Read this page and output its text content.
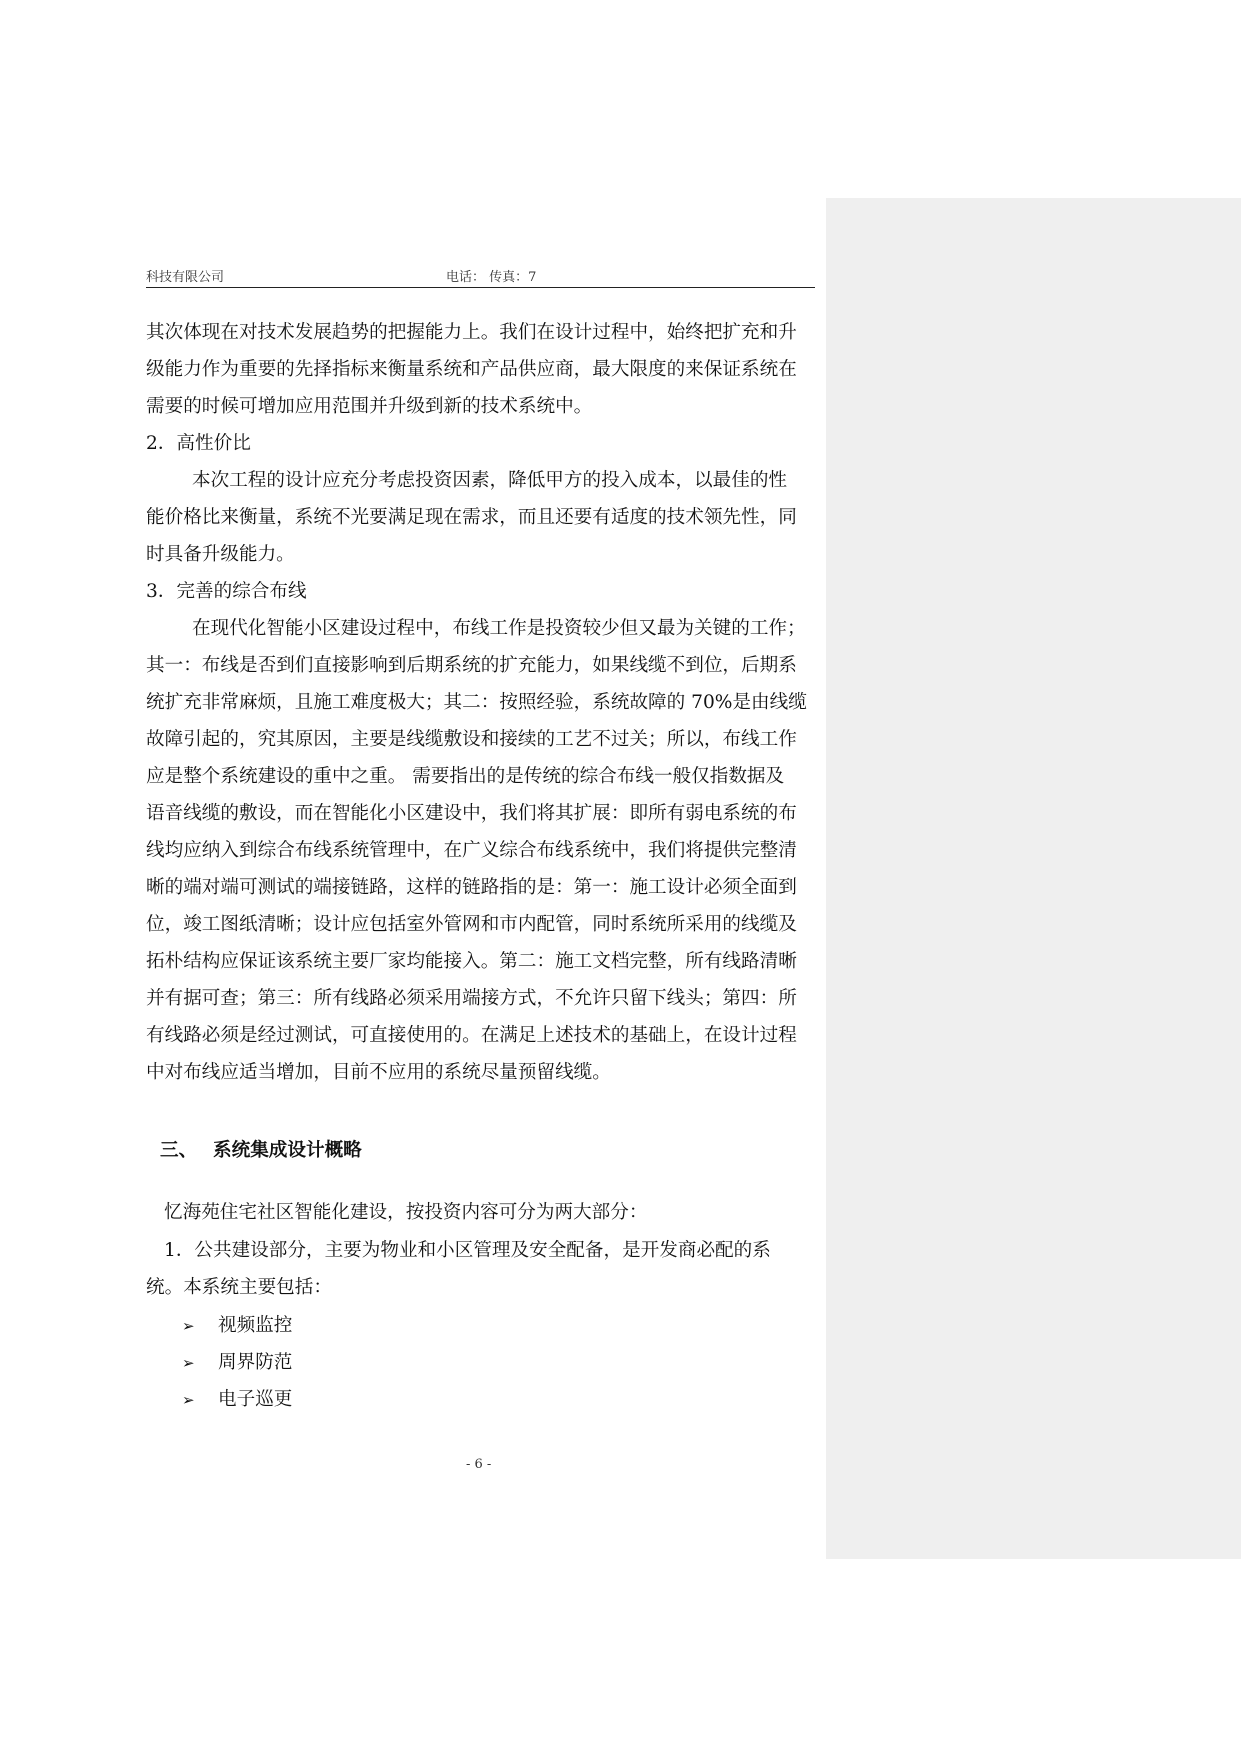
科技有限公司	电话： 传真：7
其次体现在对技术发展趋势的把握能力上。我们在设计过程中，始终把扩充和升
级能力作为重要的先择指标来衡量系统和产品供应商，最大限度的来保证系统在
需要的时候可增加应用范围并升级到新的技术系统中。
2．高性价比
本次工程的设计应充分考虑投资因素，降低甲方的投入成本，以最佳的性
能价格比来衡量，系统不光要满足现在需求，而且还要有适度的技术领先性，同
时具备升级能力。
3．完善的综合布线
在现代化智能小区建设过程中，布线工作是投资较少但又最为关键的工作；
其一：布线是否到们直接影响到后期系统的扩充能力，如果线缆不到位，后期系
统扩充非常麻烦，且施工难度极大；其二：按照经验，系统故障的 70%是由线缆
故障引起的，究其原因，主要是线缆敷设和接续的工艺不过关；所以，布线工作
应是整个系统建设的重中之重。 需要指出的是传统的综合布线一般仅指数据及
语音线缆的敷设，而在智能化小区建设中，我们将其扩展：即所有弱电系统的布
线均应纳入到综合布线系统管理中，在广义综合布线系统中，我们将提供完整清
晰的端对端可测试的端接链路，这样的链路指的是：第一：施工设计必须全面到
位，竣工图纸清晰；设计应包括室外管网和市内配管，同时系统所采用的线缆及
拓朴结构应保证该系统主要厂家均能接入。第二：施工文档完整，所有线路清晰
并有据可查；第三：所有线路必须采用端接方式，不允许只留下线头；第四：所
有线路必须是经过测试，可直接使用的。在满足上述技术的基础上，在设计过程
中对布线应适当增加，目前不应用的系统尽量预留线缆。
三、 系统集成设计概略
忆海苑住宅社区智能化建设，按投资内容可分为两大部分：
1．公共建设部分，主要为物业和小区管理及安全配备，是开发商必配的系
统。本系统主要包括：
➢ 视频监控
➢ 周界防范
➢ 电子巡更
- 6 -
